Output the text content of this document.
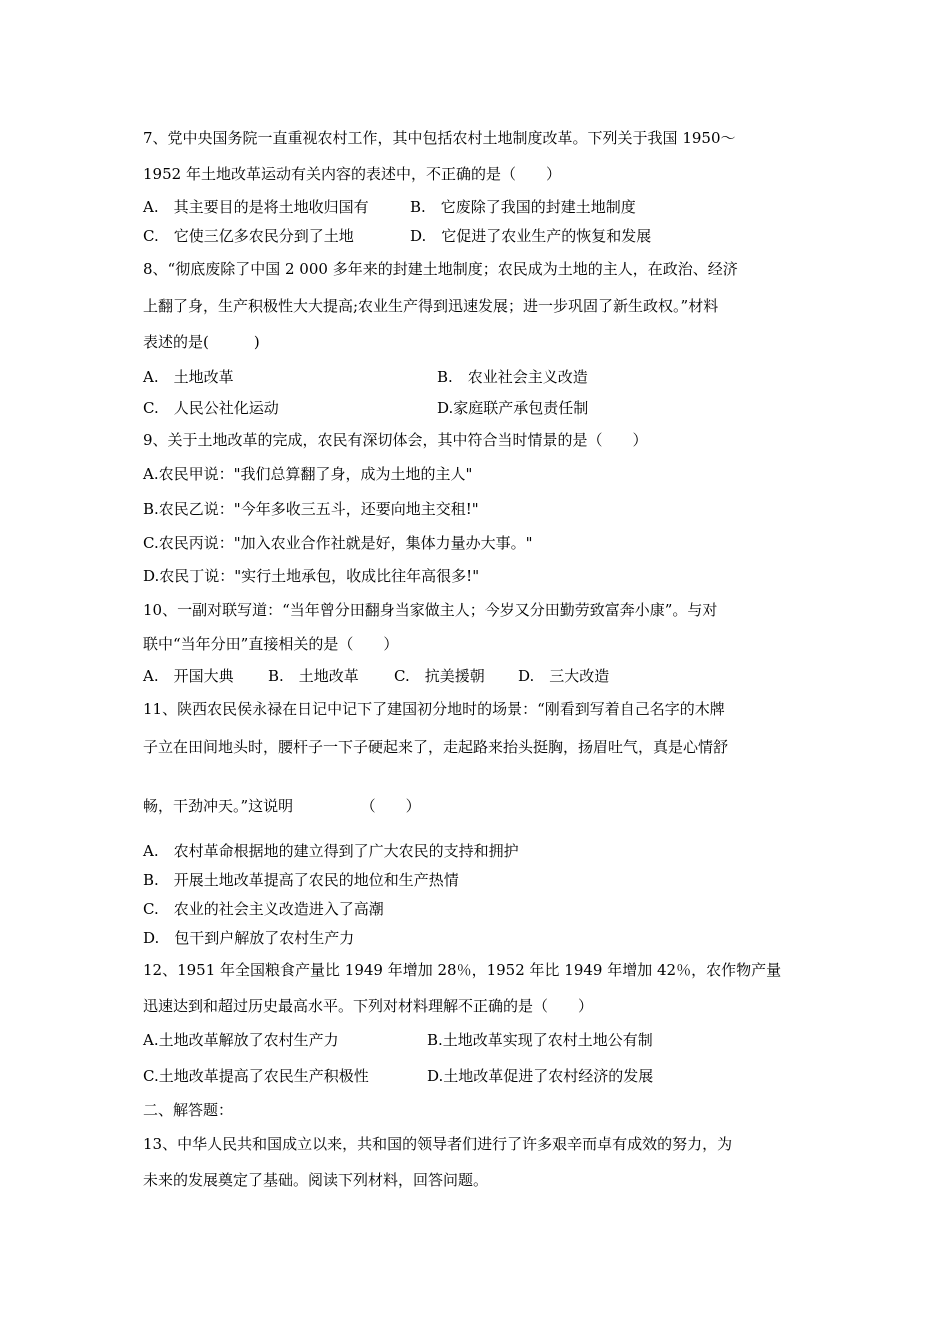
7、党中央国务院一直重视农村工作，其中包括农村土地制度改革。下列关于我国 1950～

1952 年土地改革运动有关内容的表述中，不正确的是（　　）

A.　其主要目的是将土地收归国有	B.　它废除了我国的封建土地制度
C.　它使三亿多农民分到了土地	D.　它促进了农业生产的恢复和发展

8、“彻底废除了中国 2 000 多年来的封建土地制度；农民成为土地的主人，在政治、经济

上翻了身，生产积极性大大提高;农业生产得到迅速发展；进一步巩固了新生政权。”材料

表述的是(　　　)

A.　土地改革	B.　农业社会主义改造
C.　人民公社化运动	D.家庭联产承包责任制

9、关于土地改革的完成，农民有深切体会，其中符合当时情景的是（　　）

A.农民甲说："我们总算翻了身，成为土地的主人"
B.农民乙说："今年多收三五斗，还要向地主交租!"
C.农民丙说："加入农业合作社就是好，集体力量办大事。"
D.农民丁说："实行土地承包，收成比往年高很多!"

10、一副对联写道：“当年曾分田翻身当家做主人；今岁又分田勤劳致富奔小康”。与对

联中“当年分田”直接相关的是（　　）

A.　开国大典 B.　土地改革 C.　抗美援朝 D.　三大改造

11、陕西农民侯永禄在日记中记下了建国初分地时的场景：“刚看到写着自己名字的木牌

子立在田间地头时，腰杆子一下子硬起来了，走起路来抬头挺胸，扬眉吐气，真是心情舒

畅，干劲冲天。”这说明　　　　　（　　）

A.　农村革命根据地的建立得到了广大农民的支持和拥护
B.　开展土地改革提高了农民的地位和生产热情
C.　农业的社会主义改造进入了高潮
D.　包干到户解放了农村生产力

12、1951 年全国粮食产量比 1949 年增加 28％，1952 年比 1949 年增加 42％，农作物产量

迅速达到和超过历史最高水平。下列对材料理解不正确的是（　　）

A.土地改革解放了农村生产力	B.土地改革实现了农村土地公有制
C.土地改革提高了农民生产积极性	D.土地改革促进了农村经济的发展

二、解答题：

13、中华人民共和国成立以来，共和国的领导者们进行了许多艰辛而卓有成效的努力，为

未来的发展奠定了基础。阅读下列材料，回答问题。
